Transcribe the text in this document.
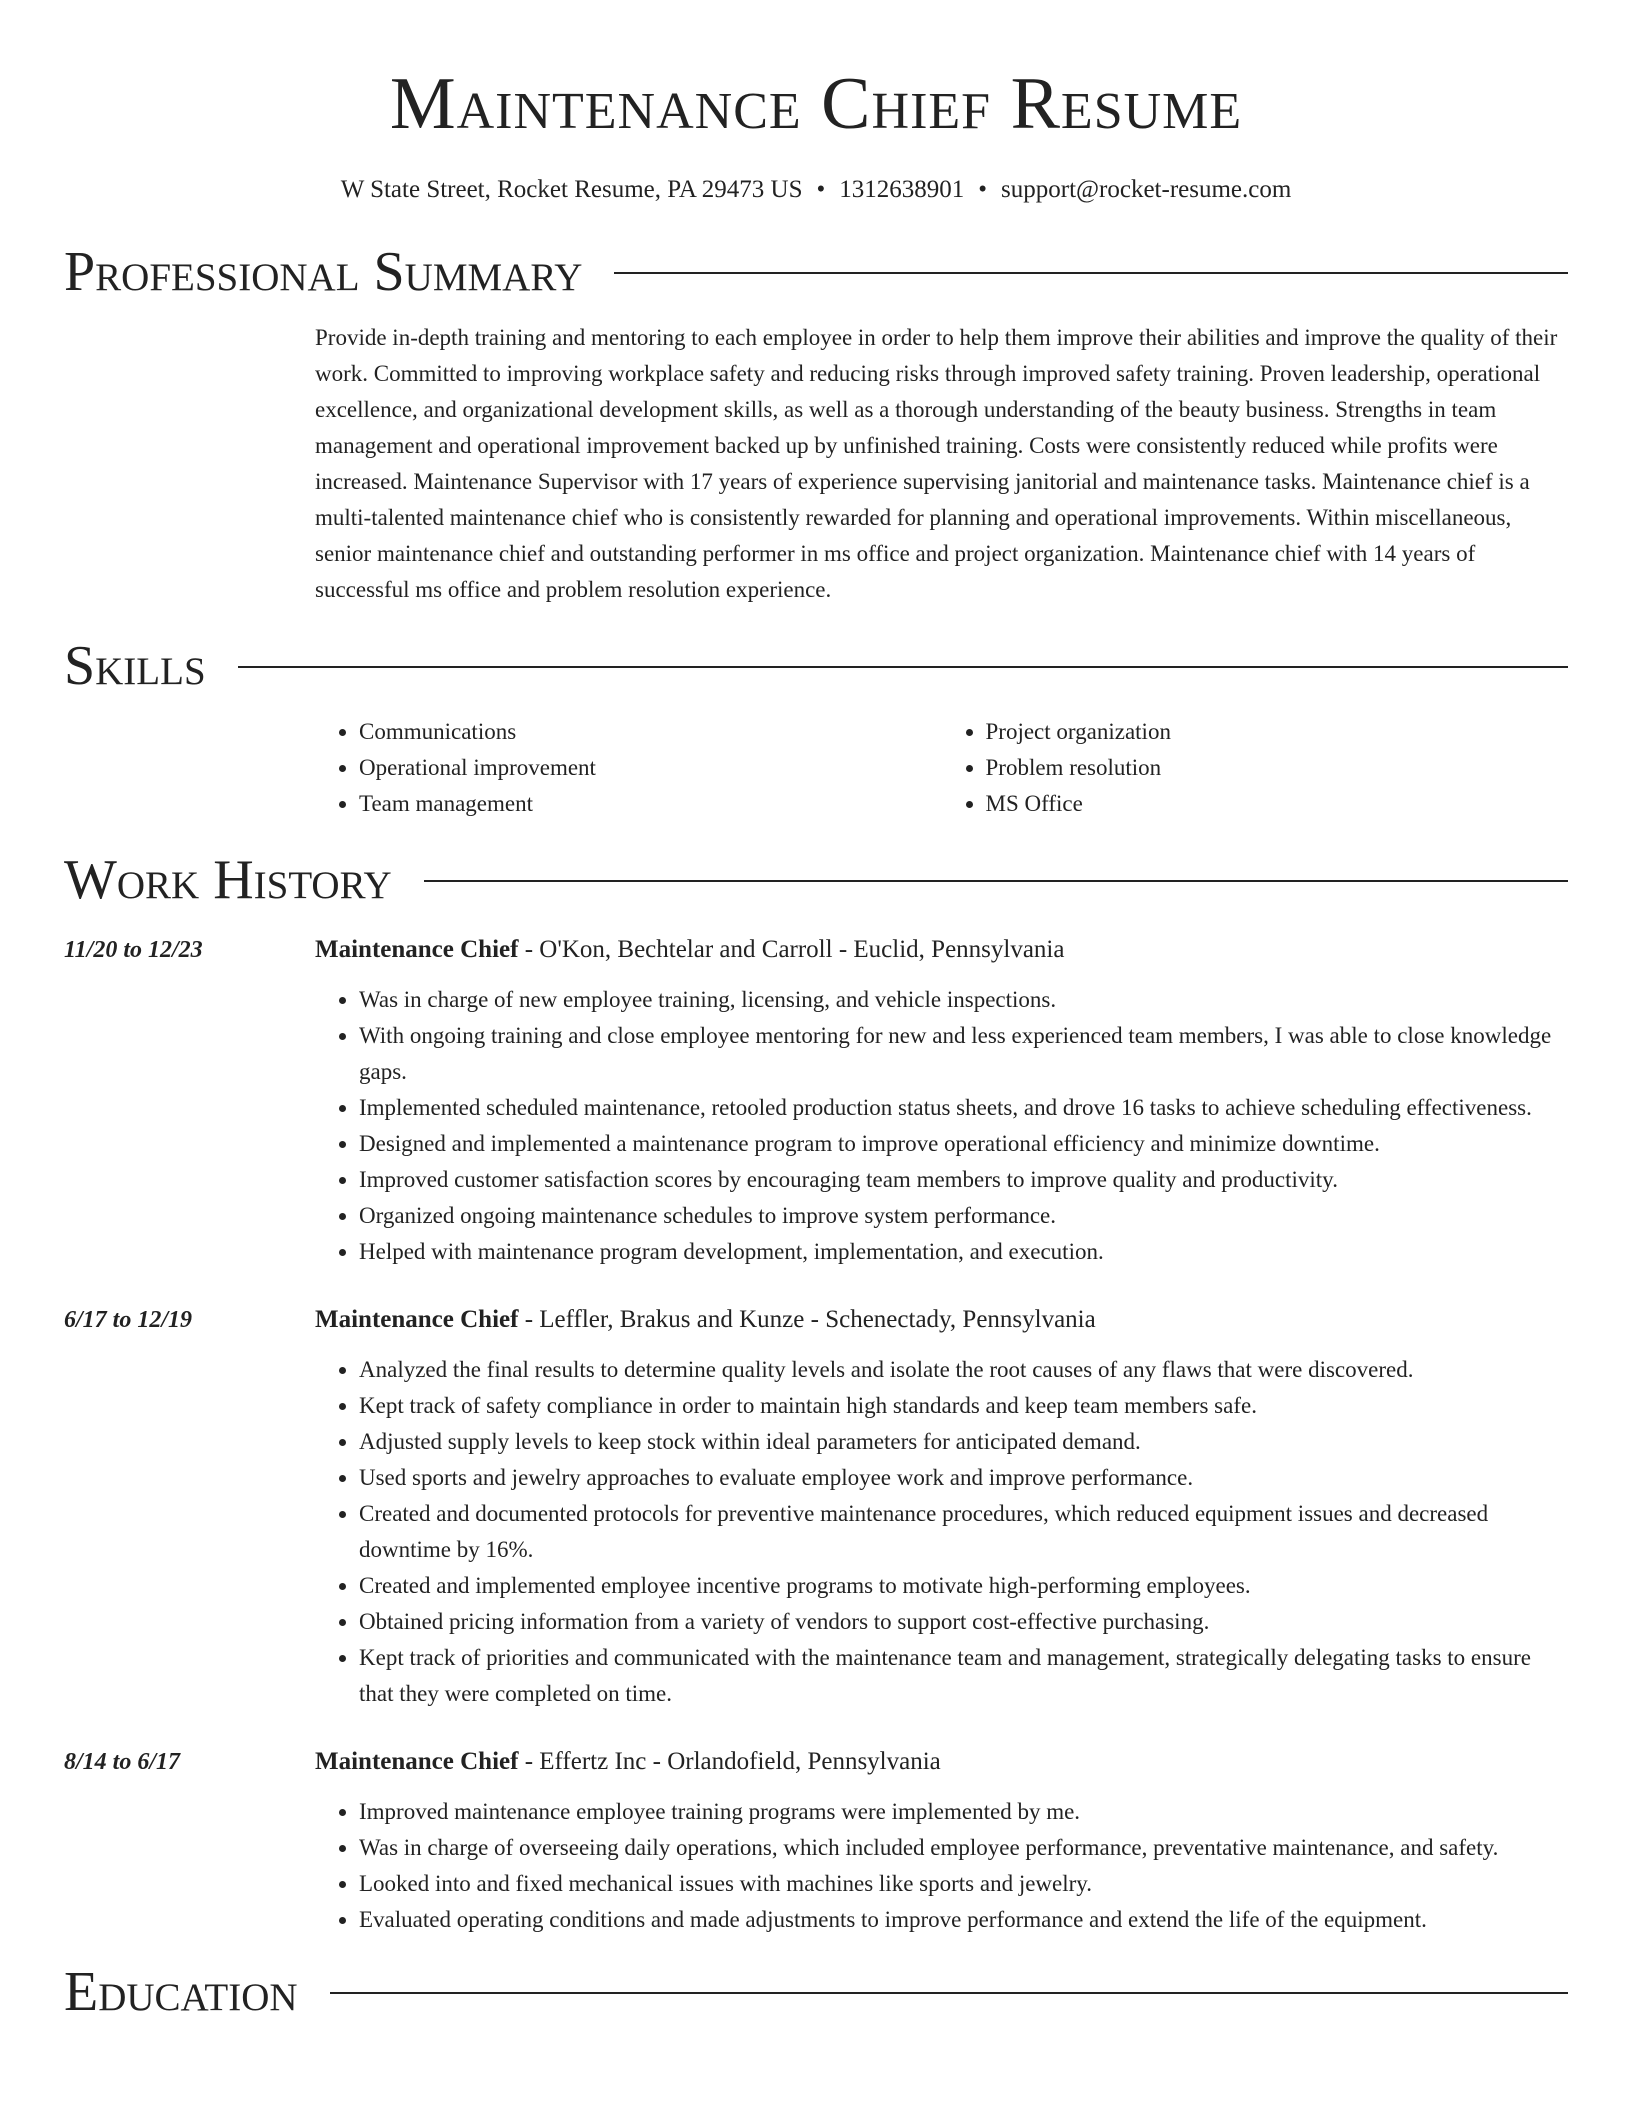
Maintenance Chief Resume
W State Street, Rocket Resume, PA 29473 US • 1312638901 • support@rocket-resume.com
Professional Summary
Provide in-depth training and mentoring to each employee in order to help them improve their abilities and improve the quality of their work. Committed to improving workplace safety and reducing risks through improved safety training. Proven leadership, operational excellence, and organizational development skills, as well as a thorough understanding of the beauty business. Strengths in team management and operational improvement backed up by unfinished training. Costs were consistently reduced while profits were increased. Maintenance Supervisor with 17 years of experience supervising janitorial and maintenance tasks. Maintenance chief is a multi-talented maintenance chief who is consistently rewarded for planning and operational improvements. Within miscellaneous, senior maintenance chief and outstanding performer in ms office and project organization. Maintenance chief with 14 years of successful ms office and problem resolution experience.
Skills
• Communications
• Operational improvement
• Team management
• Project organization
• Problem resolution
• MS Office
Work History
11/20 to 12/23	Maintenance Chief - O'Kon, Bechtelar and Carroll - Euclid, Pennsylvania
• Was in charge of new employee training, licensing, and vehicle inspections.
• With ongoing training and close employee mentoring for new and less experienced team members, I was able to close knowledge gaps.
• Implemented scheduled maintenance, retooled production status sheets, and drove 16 tasks to achieve scheduling effectiveness.
• Designed and implemented a maintenance program to improve operational efficiency and minimize downtime.
• Improved customer satisfaction scores by encouraging team members to improve quality and productivity.
• Organized ongoing maintenance schedules to improve system performance.
• Helped with maintenance program development, implementation, and execution.
6/17 to 12/19	Maintenance Chief - Leffler, Brakus and Kunze - Schenectady, Pennsylvania
• Analyzed the final results to determine quality levels and isolate the root causes of any flaws that were discovered.
• Kept track of safety compliance in order to maintain high standards and keep team members safe.
• Adjusted supply levels to keep stock within ideal parameters for anticipated demand.
• Used sports and jewelry approaches to evaluate employee work and improve performance.
• Created and documented protocols for preventive maintenance procedures, which reduced equipment issues and decreased downtime by 16%.
• Created and implemented employee incentive programs to motivate high-performing employees.
• Obtained pricing information from a variety of vendors to support cost-effective purchasing.
• Kept track of priorities and communicated with the maintenance team and management, strategically delegating tasks to ensure that they were completed on time.
8/14 to 6/17	Maintenance Chief - Effertz Inc - Orlandofield, Pennsylvania
• Improved maintenance employee training programs were implemented by me.
• Was in charge of overseeing daily operations, which included employee performance, preventative maintenance, and safety.
• Looked into and fixed mechanical issues with machines like sports and jewelry.
• Evaluated operating conditions and made adjustments to improve performance and extend the life of the equipment.
Education
